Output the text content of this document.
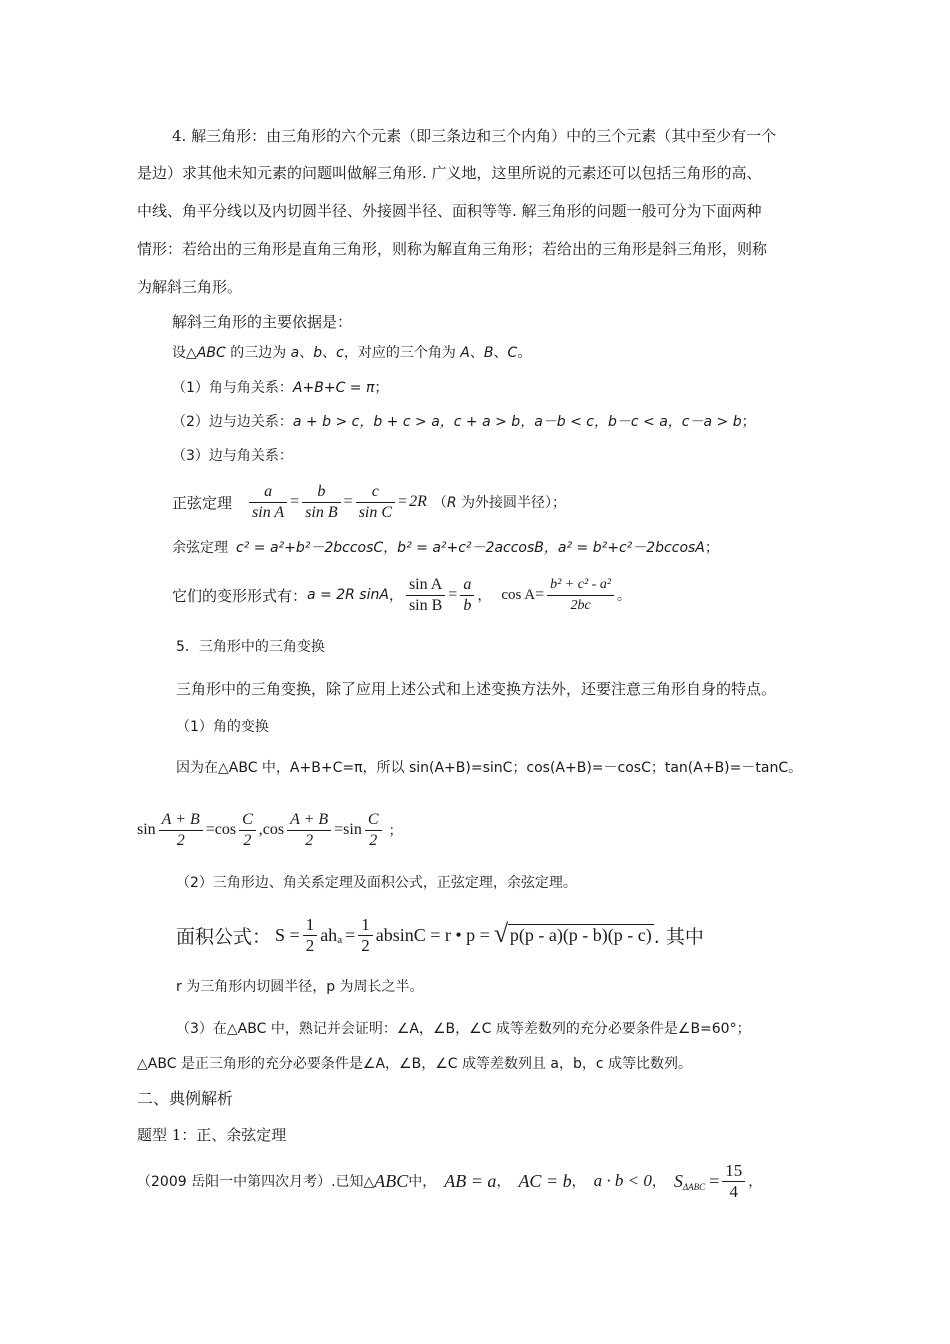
4. 解三角形：由三角形的六个元素（即三条边和三个内角）中的三个元素（其中至少有一个
是边）求其他未知元素的问题叫做解三角形. 广义地，这里所说的元素还可以包括三角形的高、
中线、角平分线以及内切圆半径、外接圆半径、面积等等. 解三角形的问题一般可分为下面两种
情形：若给出的三角形是直角三角形，则称为解直角三角形；若给出的三角形是斜三角形，则称
为解斜三角形。
解斜三角形的主要依据是：
设△ABC 的三边为 a、b、c，对应的三个角为 A、B、C。
（1）角与角关系：A+B+C = π；
（2）边与边关系：a + b > c，b + c > a，c + a > b，a－b < c，b－c < a，c－a > b；
（3）边与角关系：
正弦定理 $\frac{a}{\text{sin A}} = \frac{b}{\text{sin B}} = \frac{c}{\text{sin C}} = 2R$ （R 为外接圆半径）；
余弦定理 c² = a²+b²－2bccosC，b² = a²+c²－2accosB，a² = b²+c²－2bccosA；
它们的变形形式有： a = 2R sinA ， $\frac{\text{sin A}}{\text{sin B}} = \frac{a}{b}$ ， $\cos A = \frac{\text{b² + c² - a²}}{2bc}$ 。
5．三角形中的三角变换
三角形中的三角变换，除了应用上述公式和上述变换方法外，还要注意三角形自身的特点。
（1）角的变换
因为在△ABC 中，A+B+C=π，所以 sin(A+B)=sinC；cos(A+B)=－cosC；tan(A+B)=－tanC。
$\sin \frac{A + B}{2} =\cos \frac{C}{2} ,\cos \frac{A + B}{2} =\sin \frac{C}{2}$ ；
（2）三角形边、角关系定理及面积公式，正弦定理，余弦定理。
面积公式： $S = \frac{1}{2} ah_a = \frac{1}{2}$ absinC = r • p = √ p(p - a)(p - b)(p - c) . 其中
r 为三角形内切圆半径，p 为周长之半。
（3）在△ABC 中，熟记并会证明：∠A，∠B，∠C 成等差数列的充分必要条件是∠B=60°；
△ABC 是正三角形的充分必要条件是∠A，∠B，∠C 成等差数列且 a，b，c 成等比数列。
二、典例解析
题型 1：正、余弦定理
（2009 岳阳一中第四次月考）.已知△ ABC 中， AB = a ， AC = b ， a · b < 0 ， $S_{\Delta ABC} = \frac{15}{4}$ ，
